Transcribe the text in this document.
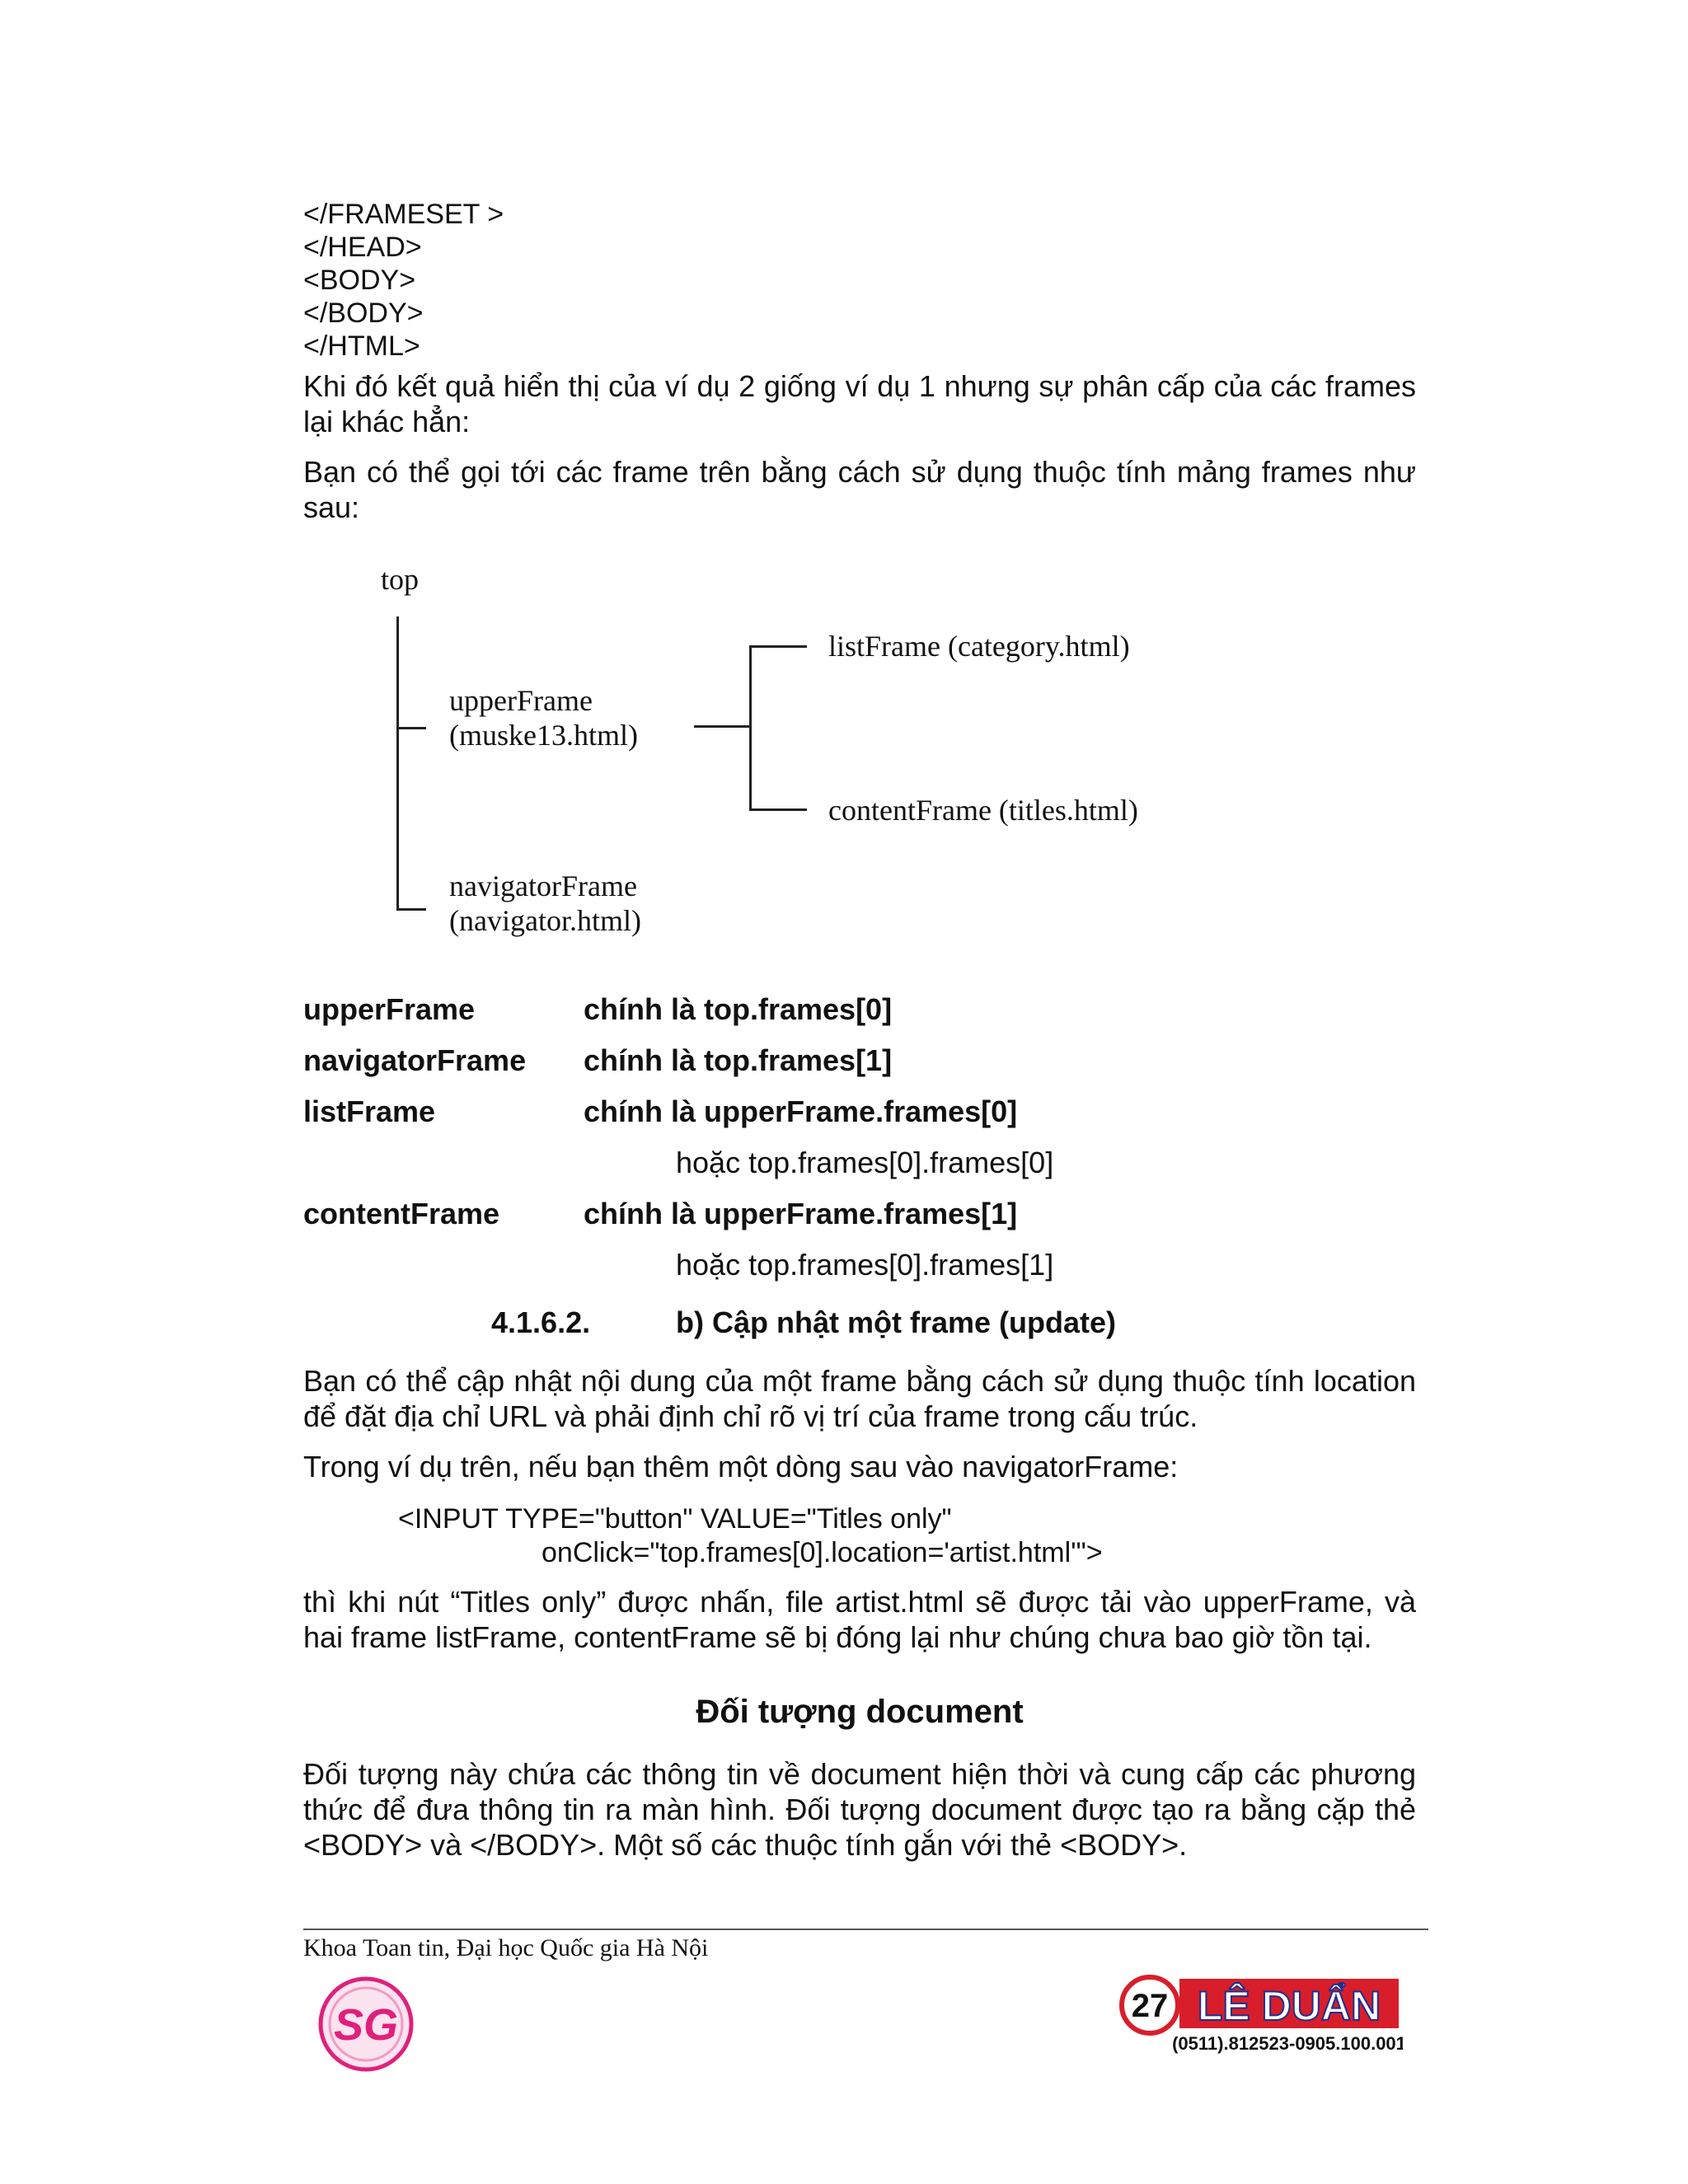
</FRAMESET >
</HEAD>
<BODY>
</BODY>
</HTML>
Khi đó kết quả hiển thị của ví dụ 2 giống ví dụ 1 nhưng sự phân cấp của các frames lại khác hẳn:
Bạn có thể gọi tới các frame trên bằng cách sử dụng thuộc tính mảng frames như sau:
top
upperFrame
(muske13.html)
listFrame (category.html)
contentFrame (titles.html)
navigatorFrame
(navigator.html)
upperFrame	chính là top.frames[0]
navigatorFrame chính là top.frames[1]
listFrame	chính là upperFrame.frames[0]
hoặc top.frames[0].frames[0]
contentFrame	chính là upperFrame.frames[1]
hoặc top.frames[0].frames[1]
4.1.6.2.	b) Cập nhật một frame (update)
Bạn có thể cập nhật nội dung của một frame bằng cách sử dụng thuộc tính location để đặt địa chỉ URL và phải định chỉ rõ vị trí của frame trong cấu trúc.
Trong ví dụ trên, nếu bạn thêm một dòng sau vào navigatorFrame:
<INPUT TYPE="button" VALUE="Titles only"
onClick="top.frames[0].location='artist.html'">
thì khi nút “Titles only” được nhấn, file artist.html sẽ được tải vào upperFrame, và hai frame listFrame, contentFrame sẽ bị đóng lại như chúng chưa bao giờ tồn tại.
Đối tượng document
Đối tượng này chứa các thông tin về document hiện thời và cung cấp các phương thức để đưa thông tin ra màn hình. Đối tượng document được tạo ra bằng cặp thẻ <BODY> và </BODY>. Một số các thuộc tính gắn với thẻ <BODY>.
Khoa Toan tin, Đại học Quốc gia Hà Nội
SG	27 LÊ DUẨN
(0511).812523-0905.100.001
